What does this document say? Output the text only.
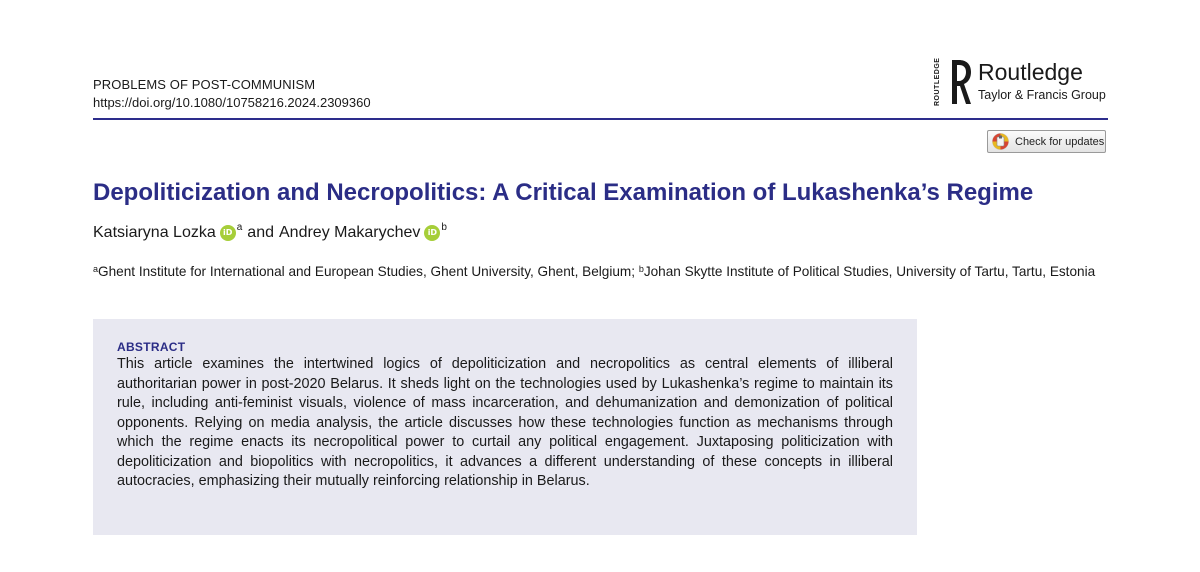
PROBLEMS OF POST-COMMUNISM
https://doi.org/10.1080/10758216.2024.2309360	ROUTLEDGE Routledge
Taylor & Francis Group
Check for updates
Depoliticization and Necropolitics: A Critical Examination of Lukashenka’s Regime
Katsiaryna Lozka iD a and Andrey Makarychev iD b
$^a$Ghent Institute for International and European Studies, Ghent University, Ghent, Belgium; $^b$Johan Skytte Institute of Political Studies, University of Tartu, Tartu, Estonia
ABSTRACT
This article examines the intertwined logics of depoliticization and necropolitics as central elements of illiberal authoritarian power in post-2020 Belarus. It sheds light on the technologies used by Lukashenka’s regime to maintain its rule, including anti-feminist visuals, violence of mass incarceration, and dehumanization and demonization of political opponents. Relying on media analysis, the article discusses how these technologies function as mechanisms through which the regime enacts its necropolitical power to curtail any political engagement. Juxtaposing politicization with depoliticization and biopolitics with necropolitics, it advances a different understanding of these concepts in illiberal autocracies, emphasizing their mutually reinforcing relationship in Belarus.
